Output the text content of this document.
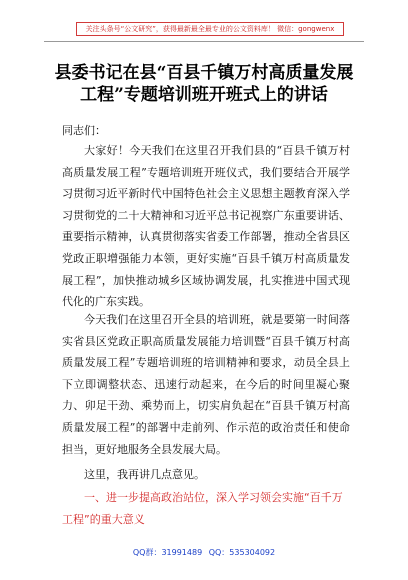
关注头条号“公文研究”，获得最新最全最专业的公文资料库！ 微信：gongwenx
县委书记在县“百县千镇万村高质量发展工程”专题培训班开班式上的讲话
同志们：

大家好！今天我们在这里召开我们县的“百县千镇万村高质量发展工程”专题培训班开班仪式，我们要结合开展学习贯彻习近平新时代中国特色社会主义思想主题教育深入学习贯彻党的二十大精神和习近平总书记视察广东重要讲话、重要指示精神，认真贯彻落实省委工作部署，推动全省县区党政正职增强能力本领，更好实施“百县千镇万村高质量发展工程”，加快推动城乡区域协调发展，扎实推进中国式现代化的广东实践。

今天我们在这里召开全县的培训班，就是要第一时间落实省县区党政正职高质量发展能力培训暨“百县千镇万村高质量发展工程”专题培训班的培训精神和要求，动员全县上下立即调整状态、迅速行动起来，在今后的时间里凝心聚力、卯足干劲、乘势而上，切实肩负起在“百县千镇万村高质量发展工程”的部署中走前列、作示范的政治责任和使命担当，更好地服务全县发展大局。

这里，我再讲几点意见。

一、进一步提高政治站位，深入学习领会实施“百千万工程”的重大意义

QQ群：31991489 QQ：535304092
